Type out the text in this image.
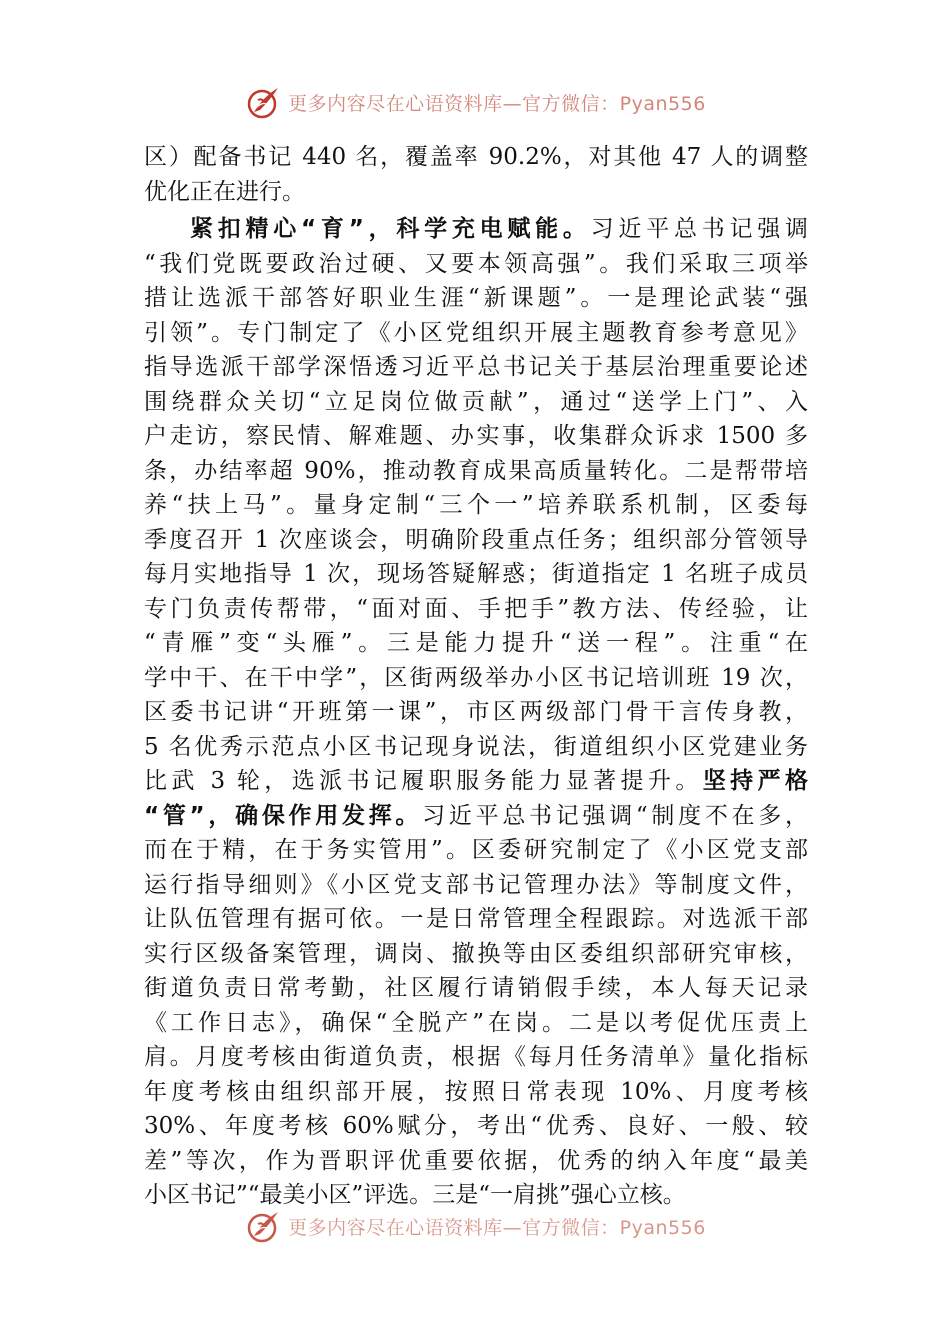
更多内容尽在心语资料库—官方微信：Pyan556
区）配备书记 440 名，覆盖率 90.2%，对其他 47 人的调整
优化正在进行。
紧扣精心“育”，科学充电赋能。习近平总书记强调
“我们党既要政治过硬、又要本领高强”。我们采取三项举
措让选派干部答好职业生涯“新课题”。一是理论武装“强
引领”。专门制定了《小区党组织开展主题教育参考意见》
指导选派干部学深悟透习近平总书记关于基层治理重要论述
围绕群众关切“立足岗位做贡献”，通过“送学上门”、入
户走访，察民情、解难题、办实事，收集群众诉求 1500 多
条，办结率超 90%，推动教育成果高质量转化。二是帮带培
养“扶上马”。量身定制“三个一”培养联系机制，区委每
季度召开 1 次座谈会，明确阶段重点任务；组织部分管领导
每月实地指导 1 次，现场答疑解惑；街道指定 1 名班子成员
专门负责传帮带，“面对面、手把手”教方法、传经验，让
“青雁”变“头雁”。三是能力提升“送一程”。注重“在
学中干、在干中学”，区街两级举办小区书记培训班 19 次，
区委书记讲“开班第一课”，市区两级部门骨干言传身教，
5 名优秀示范点小区书记现身说法，街道组织小区党建业务
比武 3 轮，选派书记履职服务能力显著提升。坚持严格
“管”，确保作用发挥。习近平总书记强调“制度不在多，
而在于精，在于务实管用”。区委研究制定了《小区党支部
运行指导细则》《小区党支部书记管理办法》等制度文件，
让队伍管理有据可依。一是日常管理全程跟踪。对选派干部
实行区级备案管理，调岗、撤换等由区委组织部研究审核，
街道负责日常考勤，社区履行请销假手续，本人每天记录
《工作日志》，确保“全脱产”在岗。二是以考促优压责上
肩。月度考核由街道负责，根据《每月任务清单》量化指标
年度考核由组织部开展，按照日常表现 10%、月度考核
30%、年度考核 60%赋分，考出“优秀、良好、一般、较
差”等次，作为晋职评优重要依据，优秀的纳入年度“最美
小区书记”“最美小区”评选。三是“一肩挑”强心立核。
更多内容尽在心语资料库—官方微信：Pyan556
